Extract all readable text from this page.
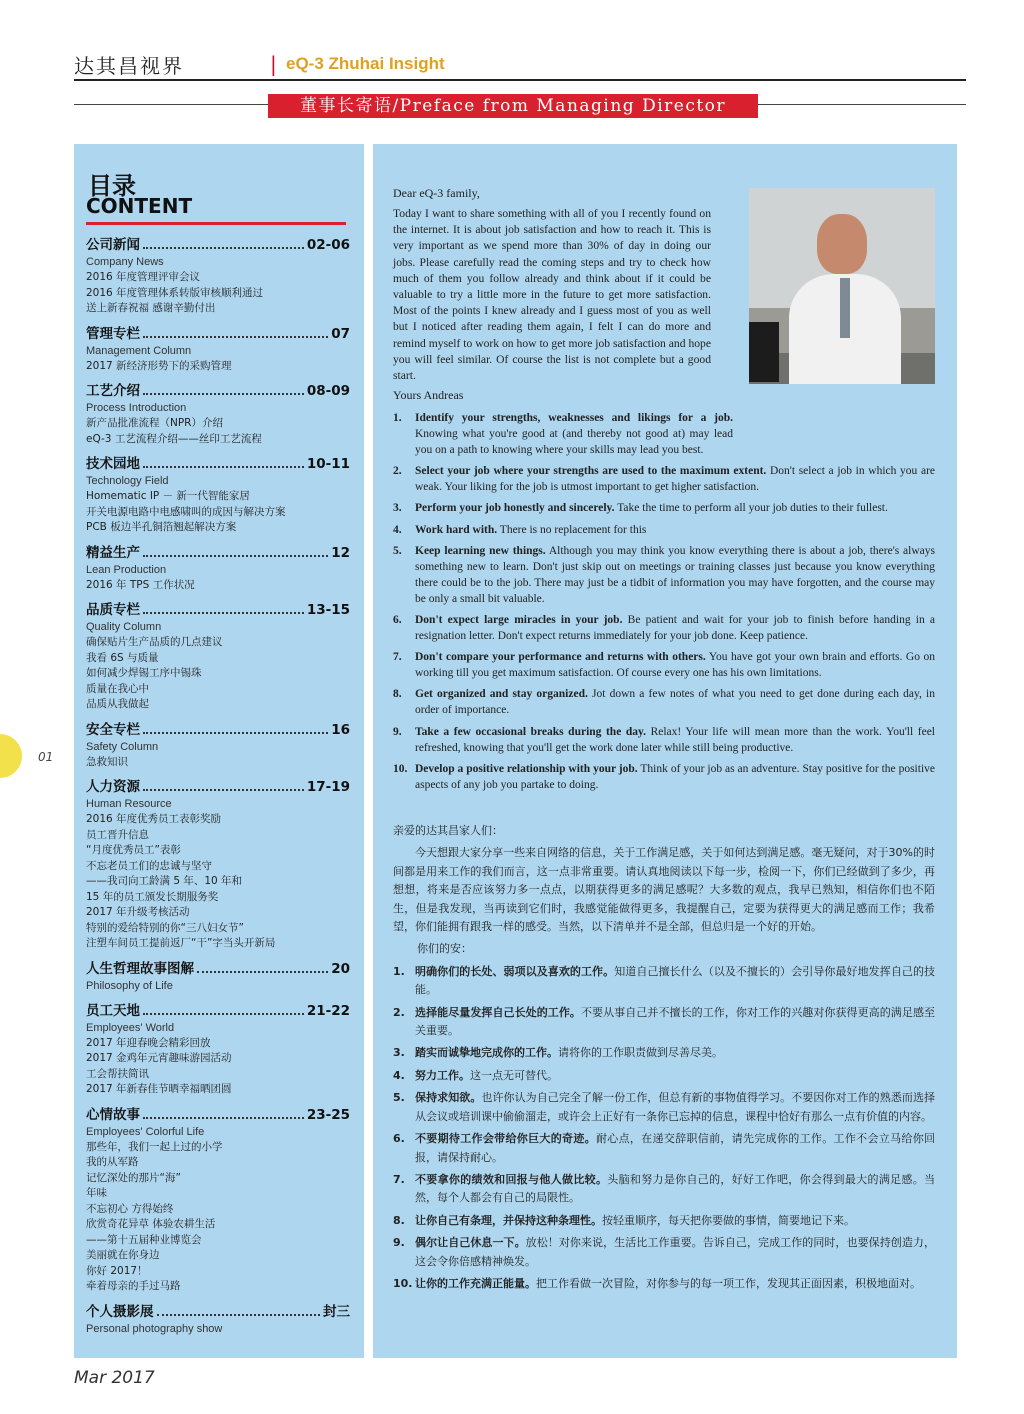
达其昌视界	| eQ-3 Zhuhai Insight
董事长寄语/Preface from Managing Director
目录
CONTENT
公司新闻	02-06
Company News
2016 年度管理评审会议
2016 年度管理体系转版审核顺利通过
送上新春祝福 感谢辛勤付出
管理专栏	07
Management Column
2017 新经济形势下的采购管理
工艺介绍	08-09
Process Introduction
新产品批准流程（NPR）介绍
eQ-3 工艺流程介绍——丝印工艺流程
技术园地	10-11
Technology Field
Homematic IP － 新一代智能家居
开关电源电路中电感啸叫的成因与解决方案
PCB 板边半孔铜箔翘起解决方案
精益生产	12
Lean Production
2016 年 TPS 工作状况
品质专栏	13-15
Quality Column
确保贴片生产品质的几点建议
我看 6S 与质量
如何减少焊锡工序中锡珠
质量在我心中
品质从我做起
安全专栏	16
Safety Column
急救知识
人力资源	17-19
Human Resource
2016 年度优秀员工表彰奖励
员工晋升信息
“月度优秀员工”表彰
不忘老员工们的忠诚与坚守
——我司向工龄满 5 年、10 年和
15 年的员工颁发长期服务奖
2017 年升级考核活动
特别的爱给特别的你“三八妇女节”
注塑车间员工提前返厂“干”字当头开新局
人生哲理故事图解	20
Philosophy of Life
员工天地	21-22
Employees' World
2017 年迎春晚会精彩回放
2017 金鸡年元宵趣味游园活动
工会帮扶简讯
2017 年新春佳节晒幸福晒团圆
心情故事	23-25
Employees' Colorful Life
那些年，我们一起上过的小学
我的从军路
记忆深处的那片“海”
年味
不忘初心 方得始终
欣赏奇花异草 体验农耕生活
——第十五届种业博览会
美丽就在你身边
你好 2017！
牵着母亲的手过马路
个人摄影展	封三
Personal photography show
01
Mar 2017
Dear eQ-3 family,
Today I want to share something with all of you I recently found on the internet. It is about job satisfaction and how to reach it. This is very important as we spend more than 30% of day in doing our jobs. Please carefully read the coming steps and try to check how much of them you follow already and think about if it could be valuable to try a little more in the future to get more satisfaction. Most of the points I knew already and I guess most of you as well but I noticed after reading them again, I felt I can do more and remind myself to work on how to get more job satisfaction and hope you will feel similar. Of course the list is not complete but a good start.
Yours Andreas
1. Identify your strengths, weaknesses and likings for a job. Knowing what you're good at (and thereby not good at) may lead you on a path to knowing where your skills may lead you best.
2. Select your job where your strengths are used to the maximum extent. Don't select a job in which you are weak. Your liking for the job is utmost important to get higher satisfaction.
3. Perform your job honestly and sincerely. Take the time to perform all your job duties to their fullest.
4. Work hard with. There is no replacement for this
5. Keep learning new things. Although you may think you know everything there is about a job, there's always something new to learn. Don't just skip out on meetings or training classes just because you know everything there could be to the job. There may just be a tidbit of information you may have forgotten, and the course may be only a small bit valuable.
6. Don't expect large miracles in your job. Be patient and wait for your job to finish before handing in a resignation letter. Don't expect returns immediately for your job done. Keep patience.
7. Don't compare your performance and returns with others. You have got your own brain and efforts. Go on working till you get maximum satisfaction. Of course every one has his own limitations.
8. Get organized and stay organized. Jot down a few notes of what you need to get done during each day, in order of importance.
9. Take a few occasional breaks during the day. Relax! Your life will mean more than the work. You'll feel refreshed, knowing that you'll get the work done later while still being productive.
10. Develop a positive relationship with your job. Think of your job as an adventure. Stay positive for the positive aspects of any job you partake to doing.
亲爱的达其昌家人们：
今天想跟大家分享一些来自网络的信息，关于工作满足感，关于如何达到满足感。毫无疑问，对于30%的时间都是用来工作的我们而言，这一点非常重要。请认真地阅读以下每一步，检阅一下，你们已经做到了多少，再想想，将来是否应该努力多一点点，以期获得更多的满足感呢？大多数的观点，我早已熟知，相信你们也不陌生，但是我发现，当再读到它们时，我感觉能做得更多，我提醒自己，定要为获得更大的满足感而工作；我希望，你们能拥有跟我一样的感受。当然，以下清单并不是全部，但总归是一个好的开始。
你们的安：
1. 明确你们的长处、弱项以及喜欢的工作。知道自己擅长什么（以及不擅长的）会引导你最好地发挥自己的技能。
2. 选择能尽量发挥自己长处的工作。不要从事自己并不擅长的工作，你对工作的兴趣对你获得更高的满足感至关重要。
3. 踏实而诚挚地完成你的工作。请将你的工作职责做到尽善尽美。
4. 努力工作。这一点无可替代。
5. 保持求知欲。也许你认为自己完全了解一份工作，但总有新的事物值得学习。不要因你对工作的熟悉而选择从会议或培训课中偷偷溜走，或许会上正好有一条你已忘掉的信息，课程中恰好有那么一点有价值的内容。
6. 不要期待工作会带给你巨大的奇迹。耐心点，在递交辞职信前，请先完成你的工作。工作不会立马给你回报，请保持耐心。
7. 不要拿你的绩效和回报与他人做比较。头脑和努力是你自己的，好好工作吧，你会得到最大的满足感。当然，每个人都会有自己的局限性。
8. 让你自己有条理，并保持这种条理性。按轻重顺序，每天把你要做的事情，简要地记下来。
9. 偶尔让自己休息一下。放松！对你来说，生活比工作重要。告诉自己，完成工作的同时，也要保持创造力，这会令你倍感精神焕发。
10. 让你的工作充满正能量。把工作看做一次冒险，对你参与的每一项工作，发现其正面因素，积极地面对。
